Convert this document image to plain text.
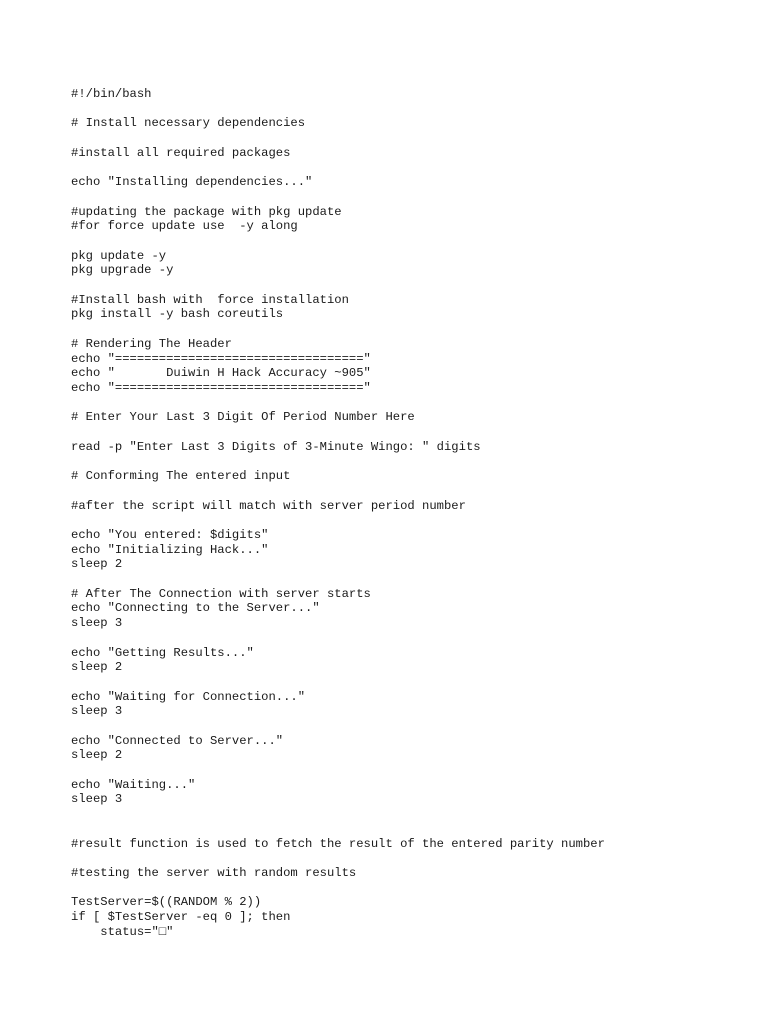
#!/bin/bash
# Install necessary dependencies
#install all required packages
echo "Installing dependencies..."
#updating the package with pkg update
#for force update use  -y along
pkg update -y
pkg upgrade -y
#Install bash with  force installation
pkg install -y bash coreutils
# Rendering The Header
echo "=================================="
echo "       Duiwin H Hack Accuracy ~905"
echo "=================================="
# Enter Your Last 3 Digit Of Period Number Here
read -p "Enter Last 3 Digits of 3-Minute Wingo: " digits
# Conforming The entered input
#after the script will match with server period number
echo "You entered: $digits"
echo "Initializing Hack..."
sleep 2
# After The Connection with server starts
echo "Connecting to the Server..."
sleep 3
echo "Getting Results..."
sleep 2
echo "Waiting for Connection..."
sleep 3
echo "Connected to Server..."
sleep 2
echo "Waiting..."
sleep 3
#result function is used to fetch the result of the entered parity number
#testing the server with random results
TestServer=$((RANDOM % 2))
if [ $TestServer -eq 0 ]; then
status="□"
